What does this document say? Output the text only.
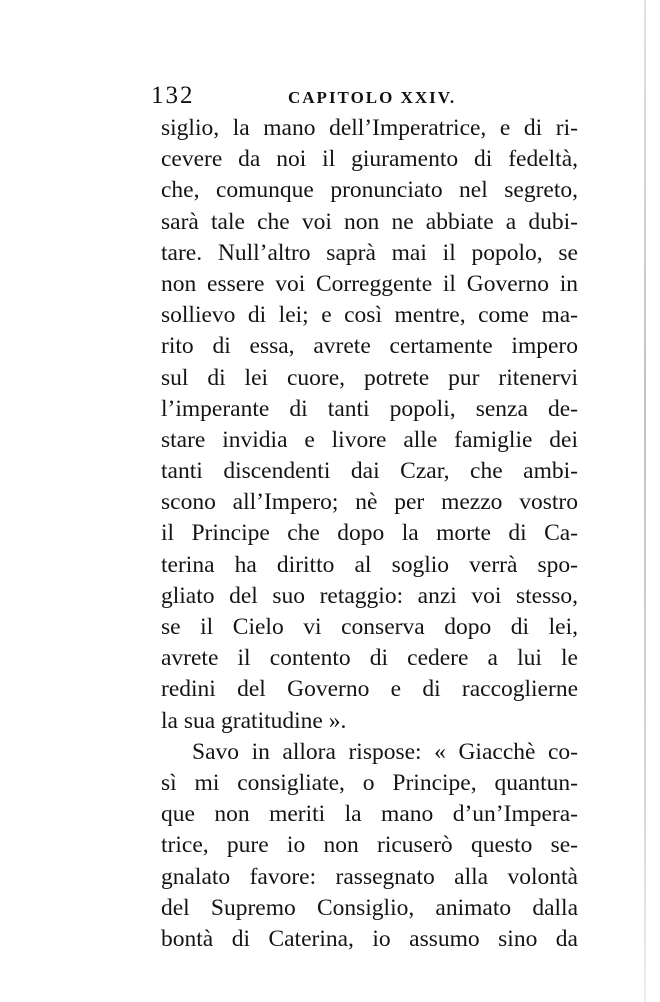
132	CAPITOLO XXIV.
siglio, la mano dell’Imperatrice, e di ri-
cevere da noi il giuramento di fedeltà,
che, comunque pronunciato nel segreto,
sarà tale che voi non ne abbiate a dubi-
tare. Null’altro saprà mai il popolo, se
non essere voi Correggente il Governo in
sollievo di lei; e così mentre, come ma-
rito di essa, avrete certamente impero
sul di lei cuore, potrete pur ritenervi
l’imperante di tanti popoli, senza de-
stare invidia e livore alle famiglie dei
tanti discendenti dai Czar, che ambi-
scono all’Impero; nè per mezzo vostro
il Principe che dopo la morte di Ca-
terina ha diritto al soglio verrà spo-
gliato del suo retaggio: anzi voi stesso,
se il Cielo vi conserva dopo di lei,
avrete il contento di cedere a lui le
redini del Governo e di raccoglierne
la sua gratitudine ».
Savo in allora rispose: « Giacchè co-
sì mi consigliate, o Principe, quantun-
que non meriti la mano d’un’Impera-
trice, pure io non ricuserò questo se-
gnalato favore: rassegnato alla volontà
del Supremo Consiglio, animato dalla
bontà di Caterina, io assumo sino da
